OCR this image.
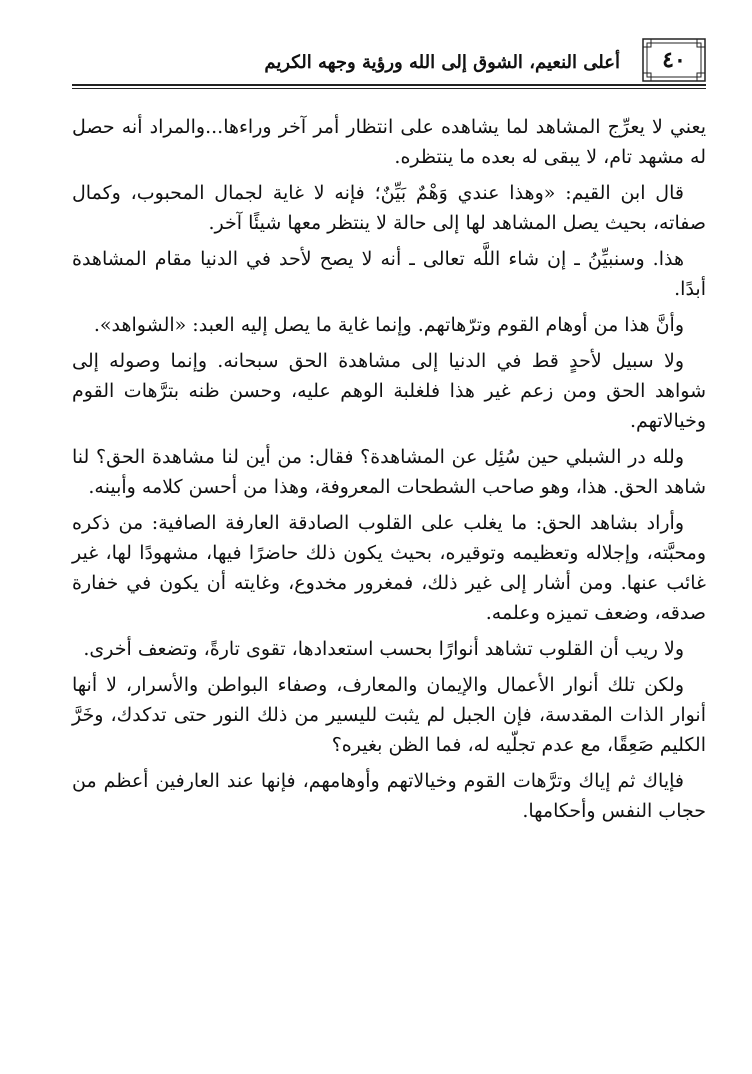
٤٠
أعلى النعيم، الشوق إلى الله ورؤية وجهه الكريم

يعني لا يعرِّج المشاهد لما يشاهده على انتظار أمر آخر وراءها...والمراد أنه حصل له مشهد تام، لا يبقى له بعده ما ينتظره.

قال ابن القيم: «وهذا عندي وَهْمٌ بَيِّنٌ؛ فإنه لا غاية لجمال المحبوب، وكمال صفاته، بحيث يصل المشاهد لها إلى حالة لا ينتظر معها شيئًا آخر.

هذا. وسنبيِّنُ ـ إن شاء اللَّه تعالى ـ أنه لا يصح لأحد في الدنيا مقام المشاهدة أبدًا.

وأنَّ هذا من أوهام القوم وترّهاتهم. وإنما غاية ما يصل إليه العبد: «الشواهد».

ولا سبيل لأحدٍ قط في الدنيا إلى مشاهدة الحق سبحانه. وإنما وصوله إلى شواهد الحق ومن زعم غير هذا فلغلبة الوهم عليه، وحسن ظنه بترَّهات القوم وخيالاتهم.

ولله در الشبلي حين سُئِل عن المشاهدة؟ فقال: من أين لنا مشاهدة الحق؟ لنا شاهد الحق. هذا، وهو صاحب الشطحات المعروفة، وهذا من أحسن كلامه وأبينه.

وأراد بشاهد الحق: ما يغلب على القلوب الصادقة العارفة الصافية: من ذكره ومحبَّته، وإجلاله وتعظيمه وتوقيره، بحيث يكون ذلك حاضرًا فيها، مشهودًا لها، غير غائب عنها. ومن أشار إلى غير ذلك، فمغرور مخدوع، وغايته أن يكون في خفارة صدقه، وضعف تميزه وعلمه.

ولا ريب أن القلوب تشاهد أنوارًا بحسب استعدادها، تقوى تارةً، وتضعف أخرى.

ولكن تلك أنوار الأعمال والإيمان والمعارف، وصفاء البواطن والأسرار، لا أنها أنوار الذات المقدسة، فإن الجبل لم يثبت لليسير من ذلك النور حتى تدكدك، وخَرَّ الكليم صَعِقًا، مع عدم تجلّيه له، فما الظن بغيره؟

فإياك ثم إياك وترَّهات القوم وخيالاتهم وأوهامهم، فإنها عند العارفين أعظم من حجاب النفس وأحكامها.
